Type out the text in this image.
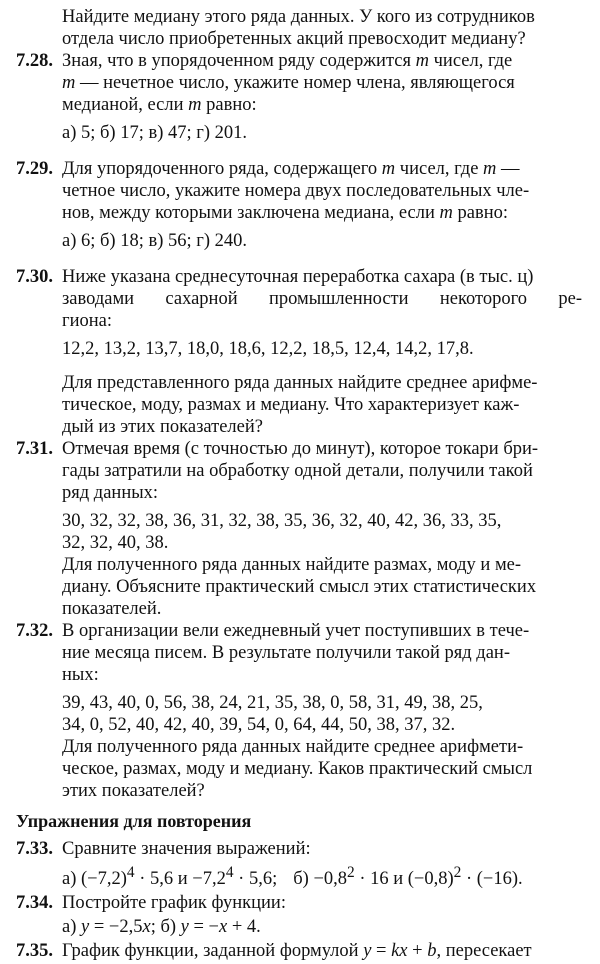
Найдите медиану этого ряда данных. У кого из сотрудников
отдела число приобретенных акций превосходит медиану?
7.28. Зная, что в упорядоченном ряду содержится m чисел, где
m — нечетное число, укажите номер члена, являющегося
медианой, если m равно:
а) 5; б) 17; в) 47; г) 201.
7.29. Для упорядоченного ряда, содержащего m чисел, где m —
четное число, укажите номера двух последовательных чле-
нов, между которыми заключена медиана, если m равно:
а) 6; б) 18; в) 56; г) 240.
7.30. Ниже указана среднесуточная переработка сахара (в тыс. ц)
заводами сахарной промышленности некоторого ре-
гиона:
12,2, 13,2, 13,7, 18,0, 18,6, 12,2, 18,5, 12,4, 14,2, 17,8.
Для представленного ряда данных найдите среднее арифме-
тическое, моду, размах и медиану. Что характеризует каж-
дый из этих показателей?
7.31. Отмечая время (с точностью до минут), которое токари бри-
гады затратили на обработку одной детали, получили такой
ряд данных:
30, 32, 32, 38, 36, 31, 32, 38, 35, 36, 32, 40, 42, 36, 33, 35,
32, 32, 40, 38.
Для полученного ряда данных найдите размах, моду и ме-
диану. Объясните практический смысл этих статистических
показателей.
7.32. В организации вели ежедневный учет поступивших в тече-
ние месяца писем. В результате получили такой ряд дан-
ных:
39, 43, 40, 0, 56, 38, 24, 21, 35, 38, 0, 58, 31, 49, 38, 25,
34, 0, 52, 40, 42, 40, 39, 54, 0, 64, 44, 50, 38, 37, 32.
Для полученного ряда данных найдите среднее арифмети-
ческое, размах, моду и медиану. Каков практический смысл
этих показателей?
Упражнения для повторения
7.33. Сравните значения выражений:
а) $(-7,2)^4 \cdot 5,6$ $и -7,2^4 \cdot 5,6$; $б) -0,8^2 \cdot 16$ и $(-0,8)^2 \cdot (-16)$.
7.34. Постройте график функции:
а) y = −2,5x; б) y = −x + 4.
7.35. График функции, заданной формулой y = kx + b, пересекает
